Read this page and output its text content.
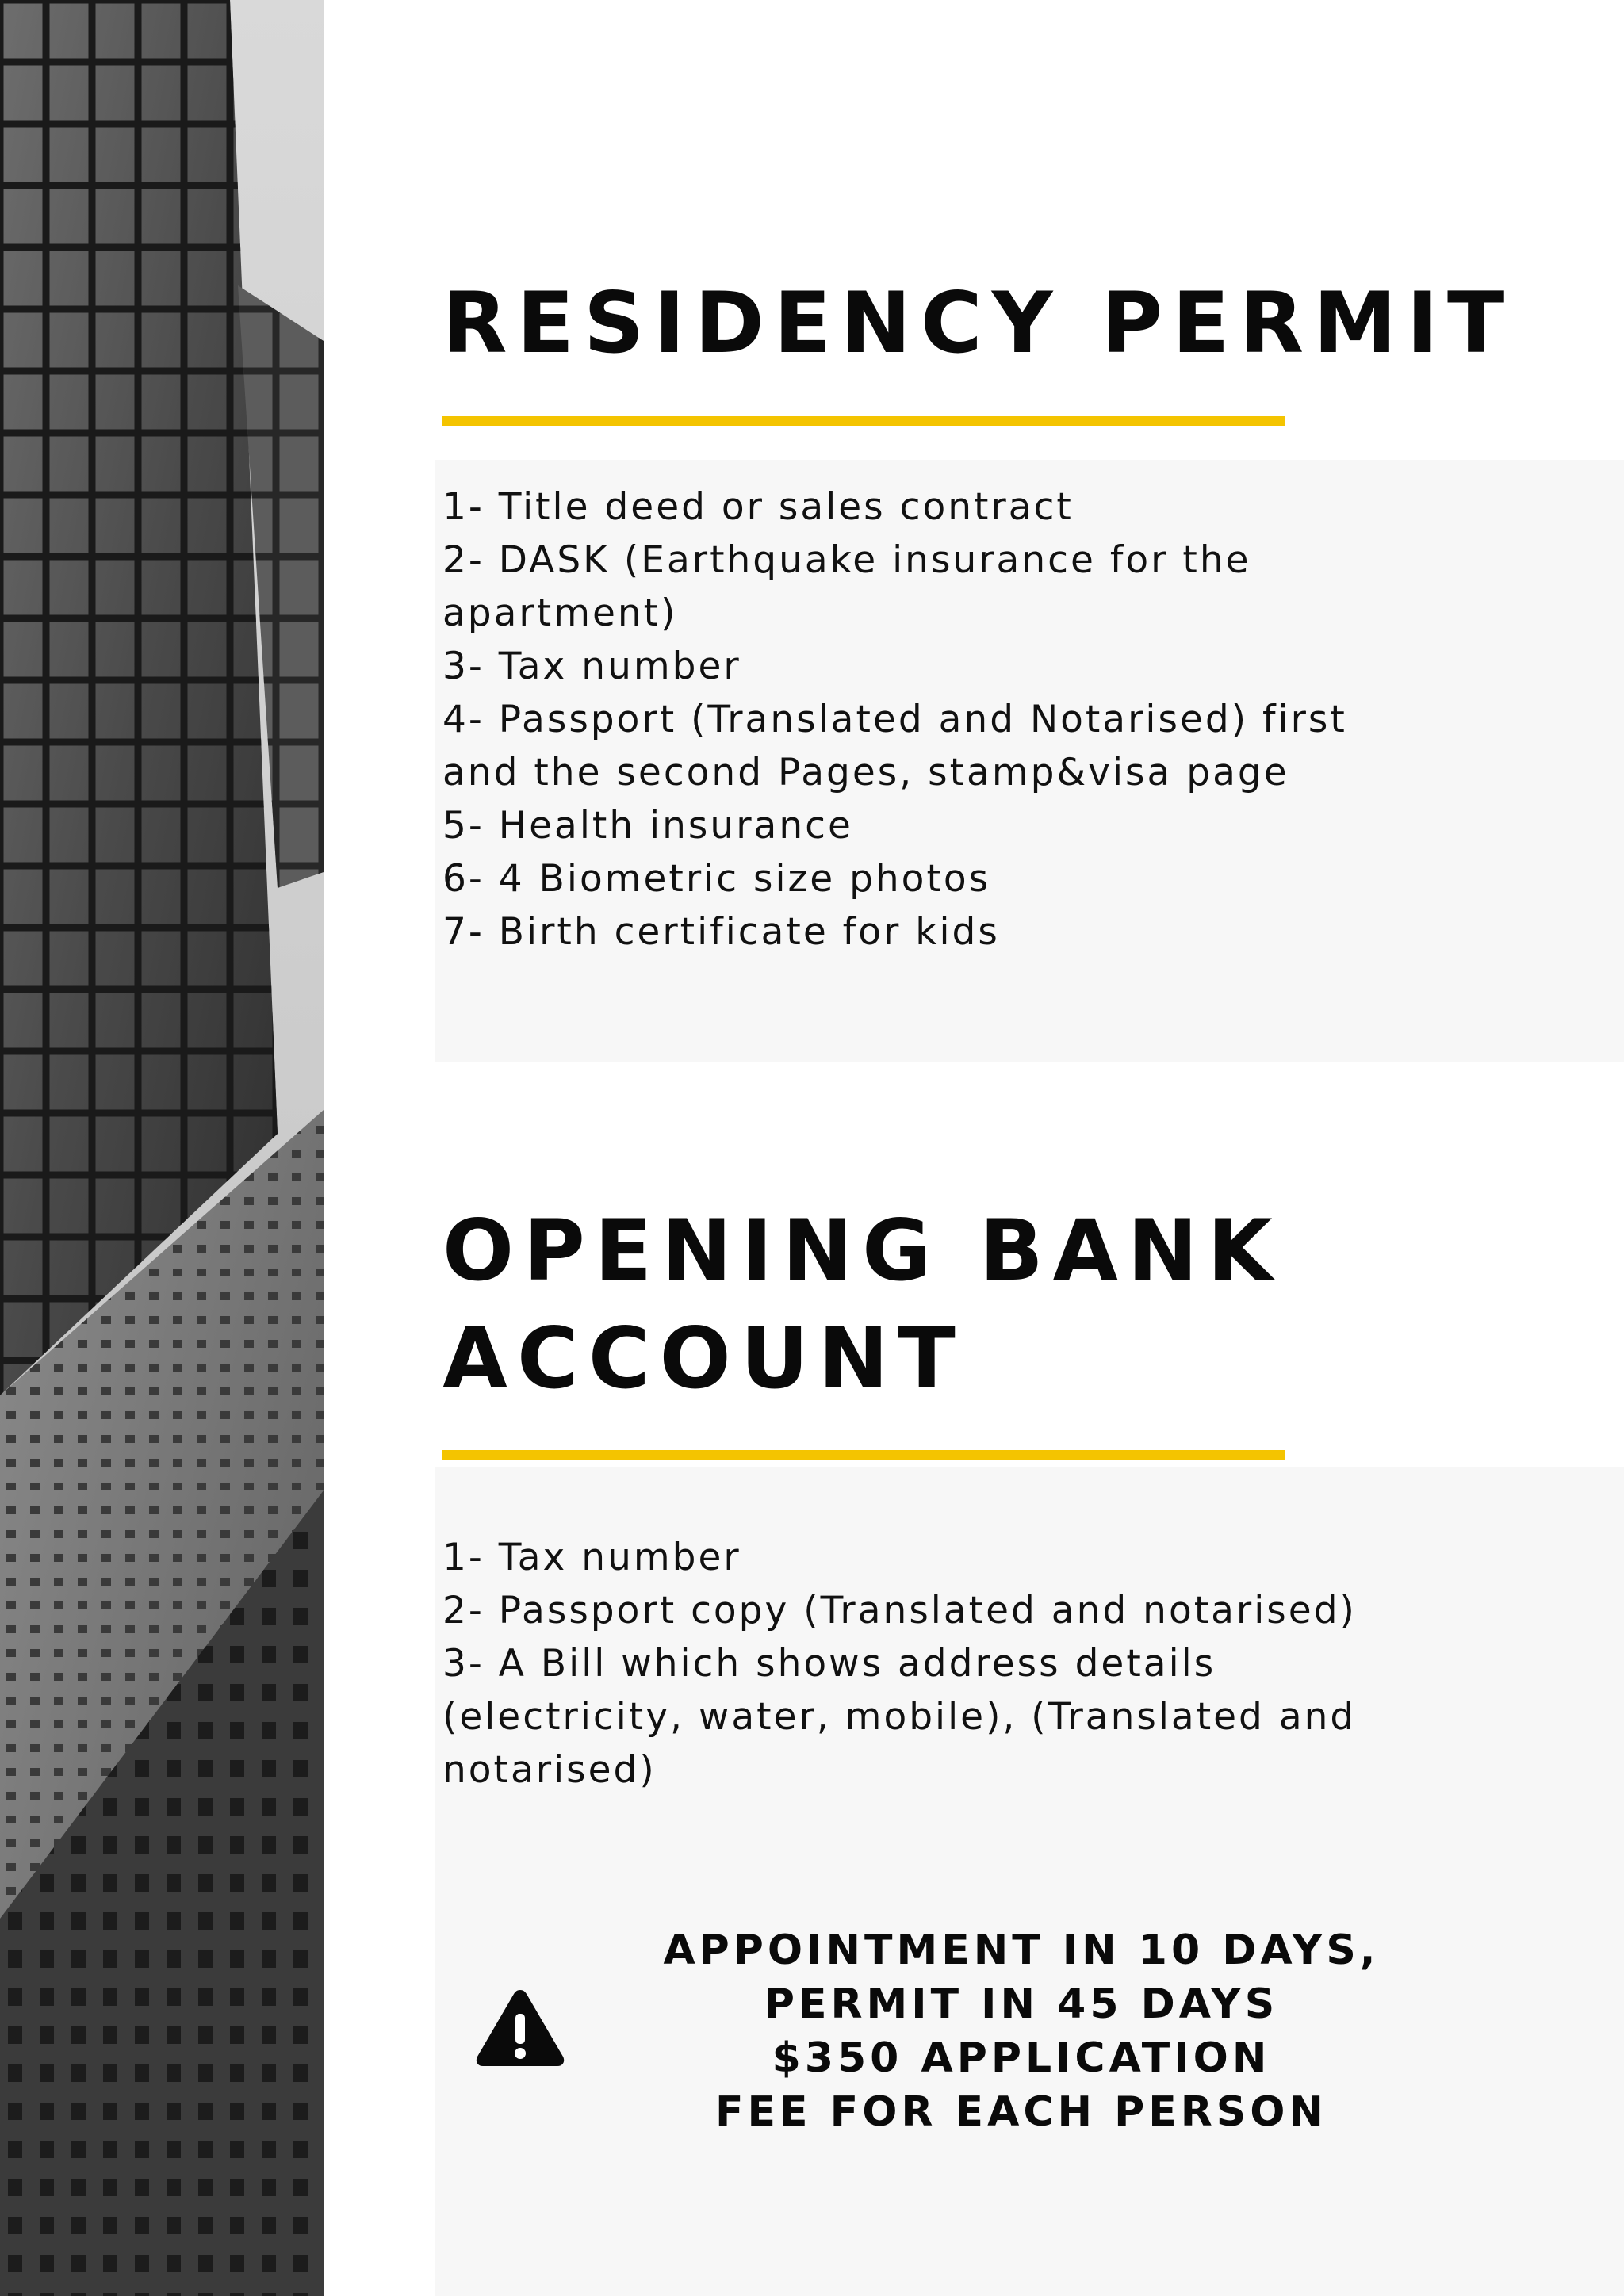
RESIDENCY PERMIT
1- Title deed or sales contract
2- DASK (Earthquake insurance for the
apartment)
3- Tax number
4- Passport (Translated and Notarised) first
and the second Pages, stamp&visa page
5- Health insurance
6- 4 Biometric size photos
7- Birth certificate for kids
OPENING BANK
ACCOUNT
1- Tax number
2- Passport copy (Translated and notarised)
3- A Bill which shows address details
(electricity, water, mobile), (Translated and
notarised)
APPOINTMENT IN 10 DAYS,
PERMIT IN 45 DAYS
$350 APPLICATION
FEE FOR EACH PERSON
